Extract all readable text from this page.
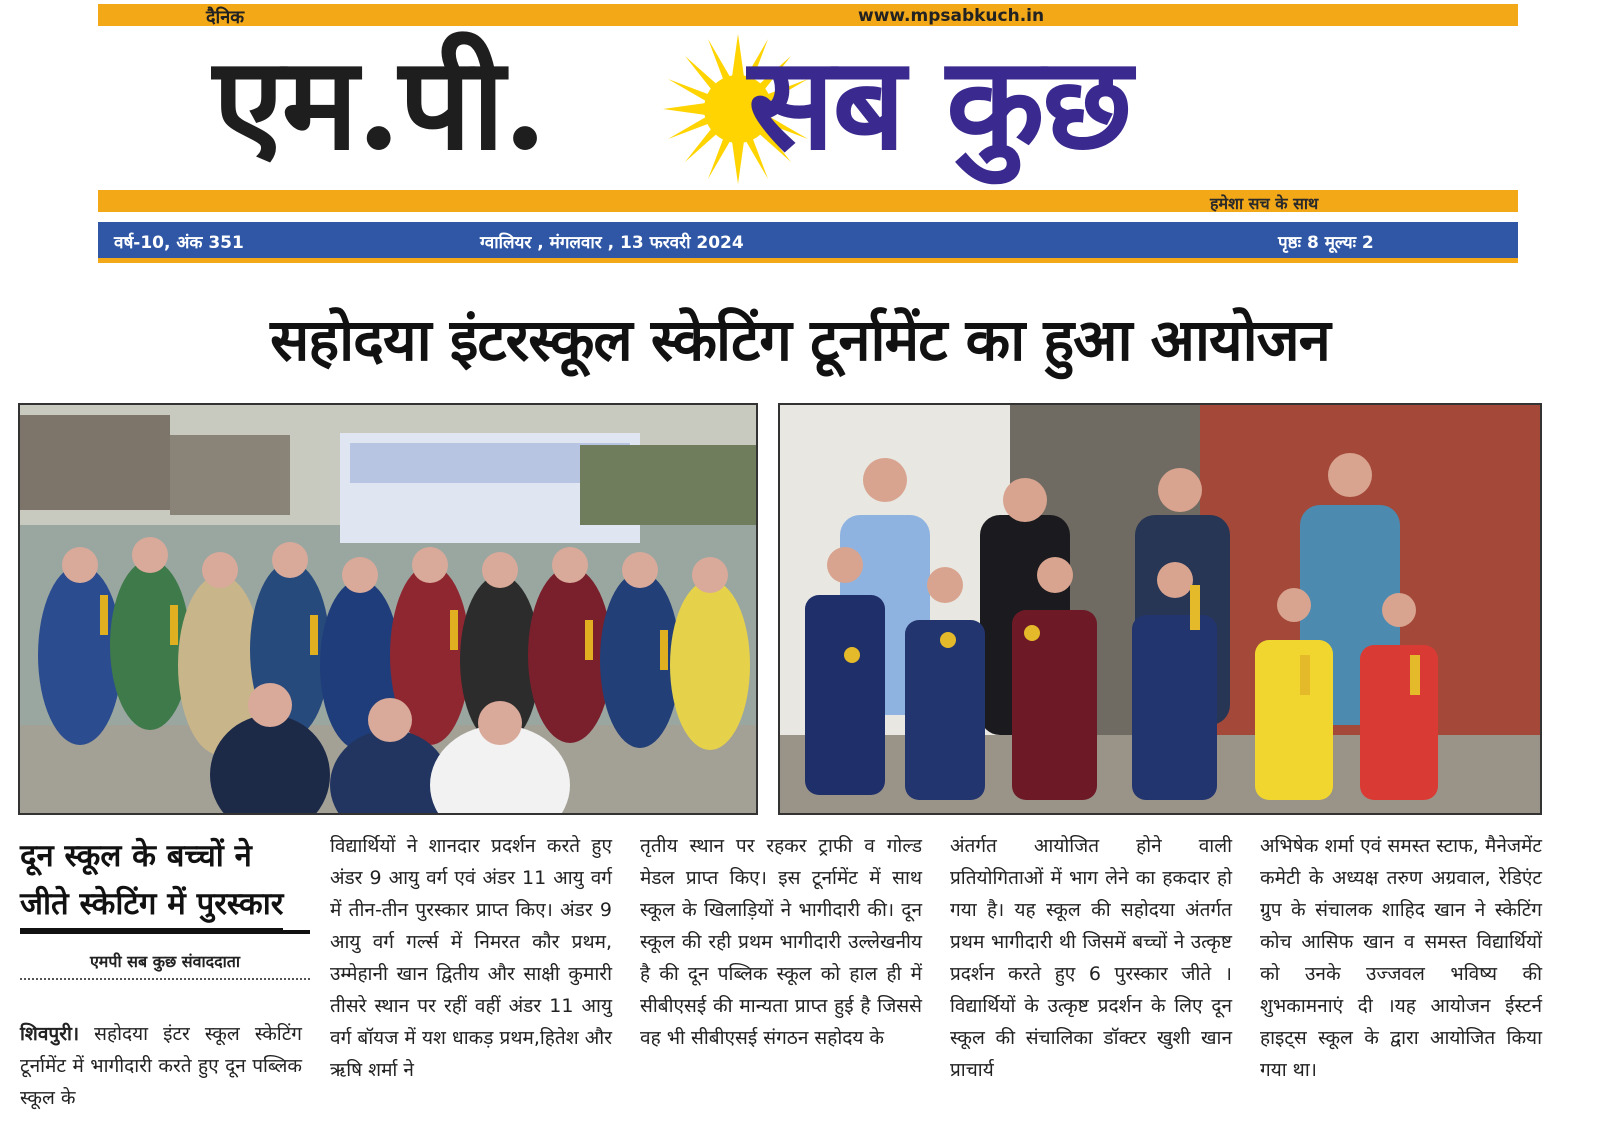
दैनिक	www.mpsabkuch.in
एम.पी. सब कुछ
हमेशा सच के साथ
वर्ष-10, अंक 351	ग्वालियर , मंगलवार , 13 फरवरी 2024	पृष्ठः 8 मूल्यः 2
सहोदया इंटरस्कूल स्केटिंग टूर्नामेंट का हुआ आयोजन
दून स्कूल के बच्चों ने
जीते स्केटिंग में पुरस्कार
एमपी सब कुछ संवाददाता
शिवपुरी। सहोदया इंटर स्कूल स्केटिंग टूर्नामेंट में भागीदारी करते हुए दून पब्लिक स्कूल के
विद्यार्थियों ने शानदार प्रदर्शन करते हुए अंडर 9 आयु वर्ग एवं अंडर 11 आयु वर्ग में तीन-तीन पुरस्कार प्राप्त किए। अंडर 9 आयु वर्ग गर्ल्स में निमरत कौर प्रथम, उम्मेहानी खान द्वितीय और साक्षी कुमारी तीसरे स्थान पर रहीं वहीं अंडर 11 आयु वर्ग बॉयज में यश धाकड़ प्रथम,हितेश और ऋषि शर्मा ने
तृतीय स्थान पर रहकर ट्राफी व गोल्ड मेडल प्राप्त किए। इस टूर्नामेंट में साथ स्कूल के खिलाड़ियों ने भागीदारी की। दून स्कूल की रही प्रथम भागीदारी उल्लेखनीय है की दून पब्लिक स्कूल को हाल ही में सीबीएसई की मान्यता प्राप्त हुई है जिससे वह भी सीबीएसई संगठन सहोदय के
अंतर्गत आयोजित होने वाली प्रतियोगिताओं में भाग लेने का हकदार हो गया है। यह स्कूल की सहोदया अंतर्गत प्रथम भागीदारी थी जिसमें बच्चों ने उत्कृष्ट प्रदर्शन करते हुए 6 पुरस्कार जीते ।विद्यार्थियों के उत्कृष्ट प्रदर्शन के लिए दून स्कूल की संचालिका डॉक्टर खुशी खान प्राचार्य
अभिषेक शर्मा एवं समस्त स्टाफ, मैनेजमेंट कमेटी के अध्यक्ष तरुण अग्रवाल, रेडिएंट ग्रुप के संचालक शाहिद खान ने स्केटिंग कोच आसिफ खान व समस्त विद्यार्थियों को उनके उज्जवल भविष्य की शुभकामनाएं दी ।यह आयोजन ईस्टर्न हाइट्स स्कूल के द्वारा आयोजित किया गया था।
